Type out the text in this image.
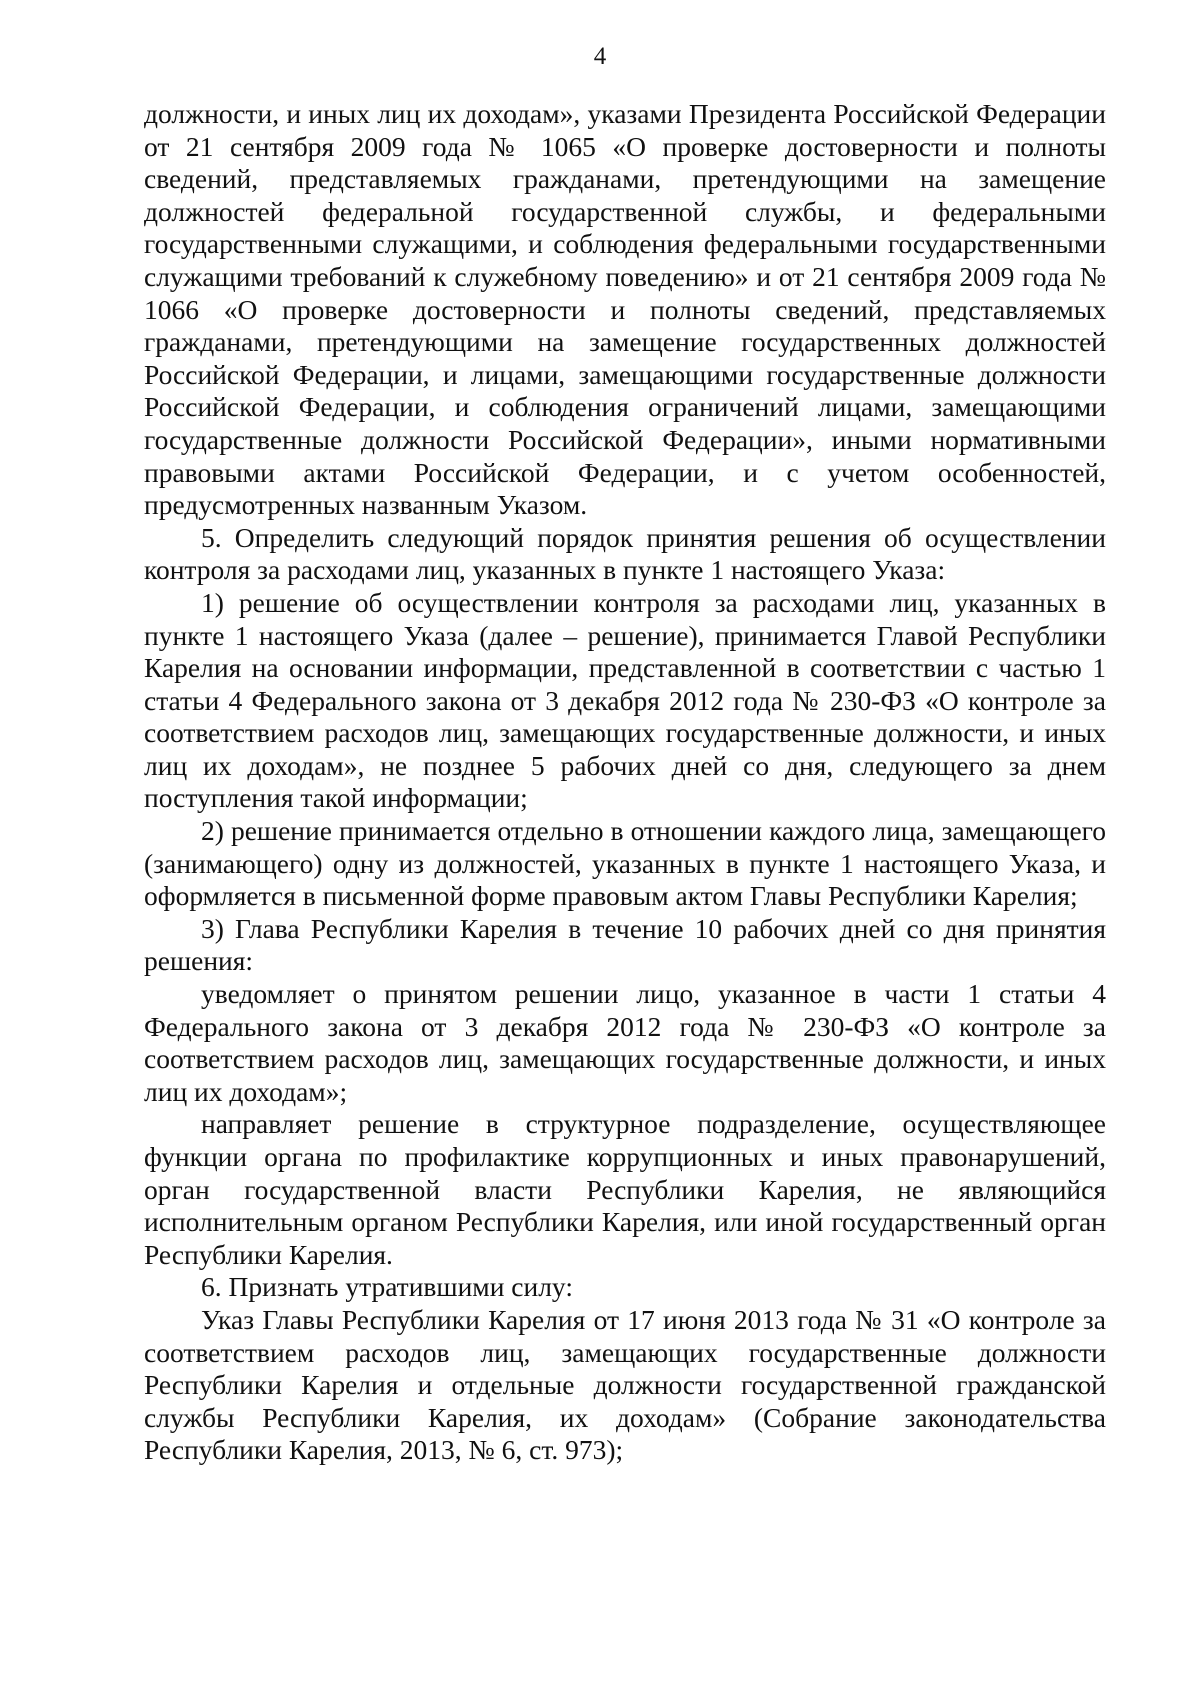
4

должности, и иных лиц их доходам», указами Президента Российской Федерации от 21 сентября 2009 года № 1065 «О проверке достоверности и полноты сведений, представляемых гражданами, претендующими на замещение должностей федеральной государственной службы, и федеральными государственными служащими, и соблюдения федеральными государственными служащими требований к служебному поведению» и от 21 сентября 2009 года № 1066 «О проверке достоверности и полноты сведений, представляемых гражданами, претендующими на замещение государственных должностей Российской Федерации, и лицами, замещающими государственные должности Российской Федерации, и соблюдения ограничений лицами, замещающими государственные должности Российской Федерации», иными нормативными правовыми актами Российской Федерации, и с учетом особенностей, предусмотренных названным Указом.

5. Определить следующий порядок принятия решения об осуществлении контроля за расходами лиц, указанных в пункте 1 настоящего Указа:

1) решение об осуществлении контроля за расходами лиц, указанных в пункте 1 настоящего Указа (далее – решение), принимается Главой Республики Карелия на основании информации, представленной в соответствии с частью 1 статьи 4 Федерального закона от 3 декабря 2012 года № 230-ФЗ «О контроле за соответствием расходов лиц, замещающих государственные должности, и иных лиц их доходам», не позднее 5 рабочих дней со дня, следующего за днем поступления такой информации;

2) решение принимается отдельно в отношении каждого лица, замещающего (занимающего) одну из должностей, указанных в пункте 1 настоящего Указа, и оформляется в письменной форме правовым актом Главы Республики Карелия;

3) Глава Республики Карелия в течение 10 рабочих дней со дня принятия решения:

уведомляет о принятом решении лицо, указанное в части 1 статьи 4 Федерального закона от 3 декабря 2012 года № 230-ФЗ «О контроле за соответствием расходов лиц, замещающих государственные должности, и иных лиц их доходам»;

направляет решение в структурное подразделение, осуществляющее функции органа по профилактике коррупционных и иных правонарушений, орган государственной власти Республики Карелия, не являющийся исполнительным органом Республики Карелия, или иной государственный орган Республики Карелия.

6. Признать утратившими силу:

Указ Главы Республики Карелия от 17 июня 2013 года № 31 «О контроле за соответствием расходов лиц, замещающих государственные должности Республики Карелия и отдельные должности государственной гражданской службы Республики Карелия, их доходам» (Собрание законодательства Республики Карелия, 2013, № 6, ст. 973);
